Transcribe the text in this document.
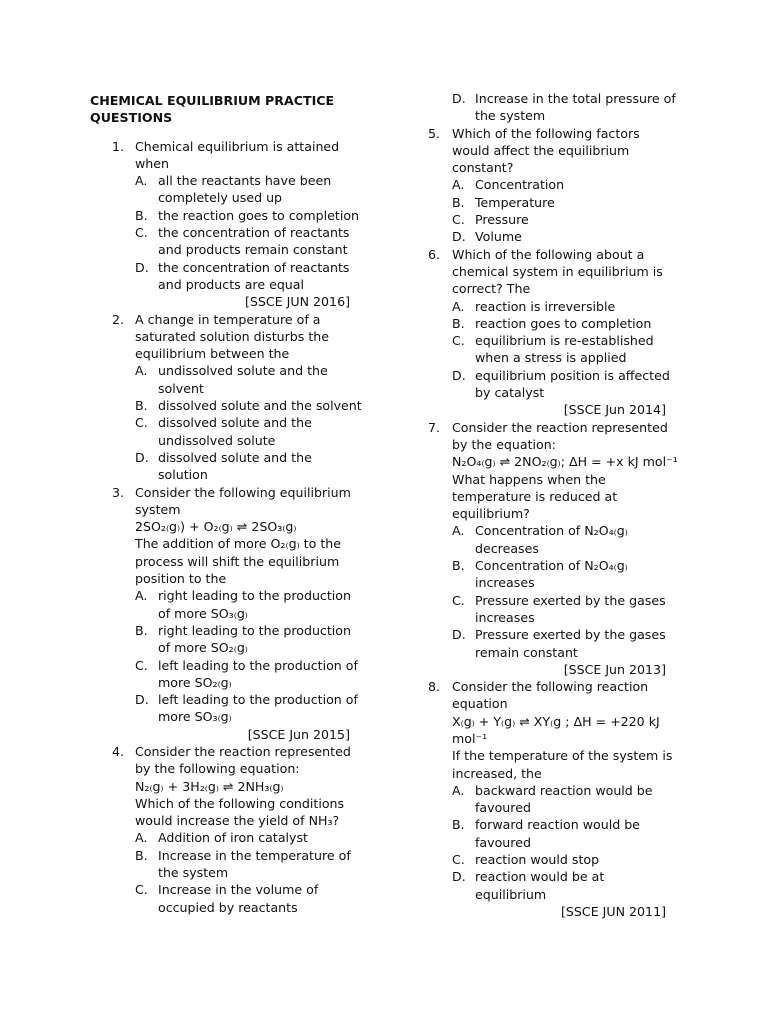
CHEMICAL EQUILIBRIUM PRACTICE
QUESTIONS
1. Chemical equilibrium is attained
when
A. all the reactants have been
completely used up
B. the reaction goes to completion
C. the concentration of reactants
and products remain constant
D. the concentration of reactants
and products are equal
[SSCE JUN 2016]
2. A change in temperature of a
saturated solution disturbs the
equilibrium between the
A. undissolved solute and the
solvent
B. dissolved solute and the solvent
C. dissolved solute and the
undissolved solute
D. dissolved solute and the
solution
3. Consider the following equilibrium
system
2SO₂₍g₎) + O₂₍g₎ ⇌ 2SO₃₍g₎
The addition of more O₂₍g₎ to the
process will shift the equilibrium
position to the
A. right leading to the production
of more SO₃₍g₎
B. right leading to the production
of more SO₂₍g₎
C. left leading to the production of
more SO₂₍g₎
D. left leading to the production of
more SO₃₍g₎
[SSCE Jun 2015]
4. Consider the reaction represented
by the following equation:
N₂₍g₎ + 3H₂₍g₎ ⇌ 2NH₃₍g₎
Which of the following conditions
would increase the yield of NH₃?
A. Addition of iron catalyst
B. Increase in the temperature of
the system
C. Increase in the volume of
occupied by reactants
D. Increase in the total pressure of
the system
5. Which of the following factors
would affect the equilibrium
constant?
A. Concentration
B. Temperature
C. Pressure
D. Volume
6. Which of the following about a
chemical system in equilibrium is
correct? The
A. reaction is irreversible
B. reaction goes to completion
C. equilibrium is re-established
when a stress is applied
D. equilibrium position is affected
by catalyst
[SSCE Jun 2014]
7. Consider the reaction represented
by the equation:
N₂O₄₍g₎ ⇌ 2NO₂₍g₎; ΔH = +x kJ mol⁻¹
What happens when the
temperature is reduced at
equilibrium?
A. Concentration of N₂O₄₍g₎
decreases
B. Concentration of N₂O₄₍g₎
increases
C. Pressure exerted by the gases
increases
D. Pressure exerted by the gases
remain constant
[SSCE Jun 2013]
8. Consider the following reaction
equation
X₍g₎ + Y₍g₎ ⇌ XY₍g ; ΔH = +220 kJ
mol⁻¹
If the temperature of the system is
increased, the
A. backward reaction would be
favoured
B. forward reaction would be
favoured
C. reaction would stop
D. reaction would be at
equilibrium
[SSCE JUN 2011]
